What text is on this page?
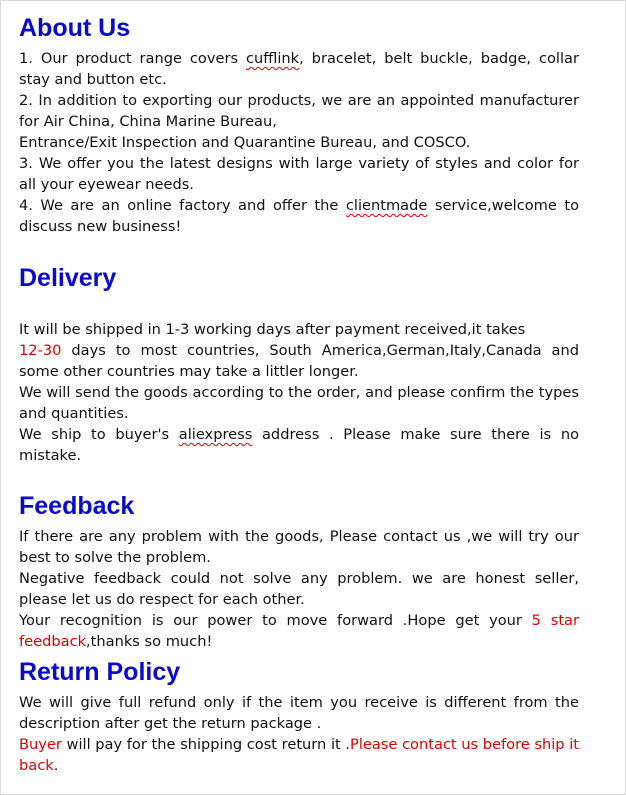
About Us

1. Our product range covers cufflink, bracelet, belt buckle, badge, collar stay and button etc.
2. In addition to exporting our products, we are an appointed manufacturer for Air China, China Marine Bureau,
Entrance/Exit Inspection and Quarantine Bureau, and COSCO.
3. We offer you the latest designs with large variety of styles and color for all your eyewear needs.
4. We are an online factory and offer the clientmade service,welcome to discuss new business!

Delivery

It will be shipped in 1-3 working days after payment received,it takes
12-30 days to most countries, South America,German,Italy,Canada and some other countries may take a littler longer.
We will send the goods according to the order, and please confirm the types and quantities.
We ship to buyer's aliexpress address . Please make sure there is no mistake.

Feedback

If there are any problem with the goods, Please contact us ,we will try our best to solve the problem.
Negative feedback could not solve any problem. we are honest seller, please let us do respect for each other.
Your recognition is our power to move forward .Hope get your 5 star feedback,thanks so much!

Return Policy

We will give full refund only if the item you receive is different from the description after get the return package .
Buyer will pay for the shipping cost return it .Please contact us before ship it back.
